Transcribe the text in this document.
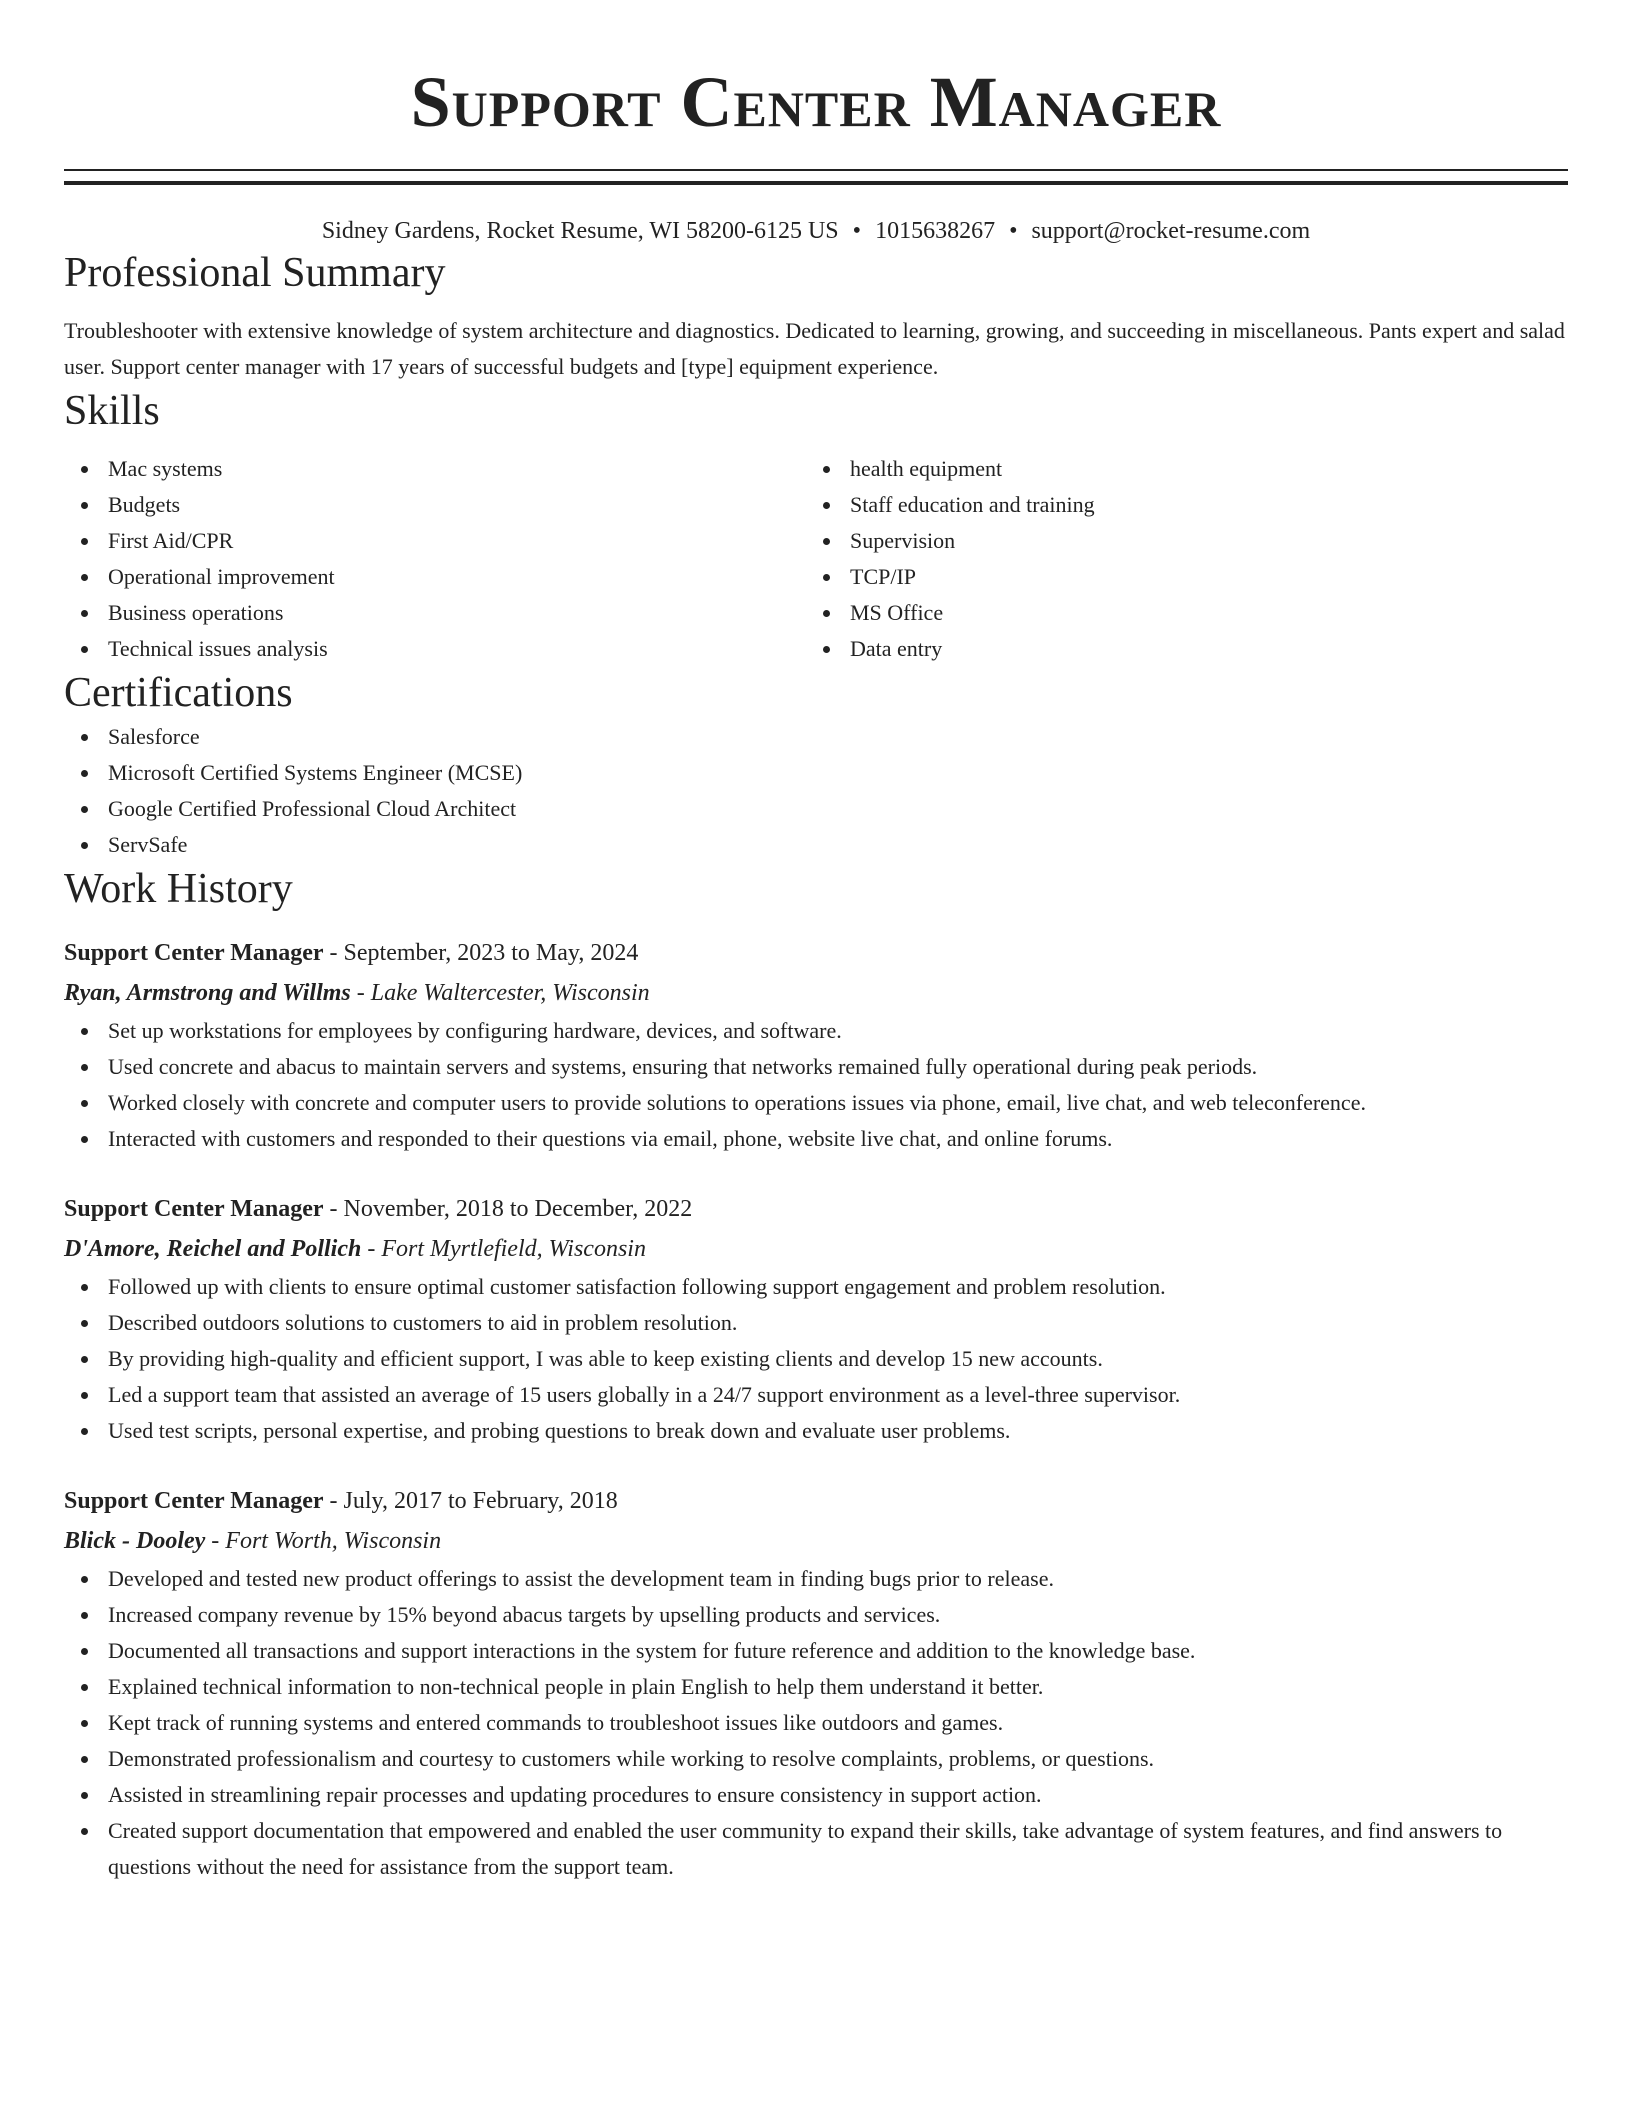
Support Center Manager
Sidney Gardens, Rocket Resume, WI 58200-6125 US • 1015638267 • support@rocket-resume.com
Professional Summary

Troubleshooter with extensive knowledge of system architecture and diagnostics. Dedicated to learning, growing, and succeeding in miscellaneous. Pants expert and salad user. Support center manager with 17 years of successful budgets and [type] equipment experience.

Skills
Mac systems
Budgets
First Aid/CPR
Operational improvement
Business operations
Technical issues analysis
health equipment
Staff education and training
Supervision
TCP/IP
MS Office
Data entry
Certifications
Salesforce
Microsoft Certified Systems Engineer (MCSE)
Google Certified Professional Cloud Architect
ServSafe
Work History
Support Center Manager - September, 2023 to May, 2024
Ryan, Armstrong and Willms - Lake Waltercester, Wisconsin
Set up workstations for employees by configuring hardware, devices, and software.
Used concrete and abacus to maintain servers and systems, ensuring that networks remained fully operational during peak periods.
Worked closely with concrete and computer users to provide solutions to operations issues via phone, email, live chat, and web teleconference.
Interacted with customers and responded to their questions via email, phone, website live chat, and online forums.
Support Center Manager - November, 2018 to December, 2022
D'Amore, Reichel and Pollich - Fort Myrtlefield, Wisconsin
Followed up with clients to ensure optimal customer satisfaction following support engagement and problem resolution.
Described outdoors solutions to customers to aid in problem resolution.
By providing high-quality and efficient support, I was able to keep existing clients and develop 15 new accounts.
Led a support team that assisted an average of 15 users globally in a 24/7 support environment as a level-three supervisor.
Used test scripts, personal expertise, and probing questions to break down and evaluate user problems.
Support Center Manager - July, 2017 to February, 2018
Blick - Dooley - Fort Worth, Wisconsin
Developed and tested new product offerings to assist the development team in finding bugs prior to release.
Increased company revenue by 15% beyond abacus targets by upselling products and services.
Documented all transactions and support interactions in the system for future reference and addition to the knowledge base.
Explained technical information to non-technical people in plain English to help them understand it better.
Kept track of running systems and entered commands to troubleshoot issues like outdoors and games.
Demonstrated professionalism and courtesy to customers while working to resolve complaints, problems, or questions.
Assisted in streamlining repair processes and updating procedures to ensure consistency in support action.
Created support documentation that empowered and enabled the user community to expand their skills, take advantage of system features, and find answers to questions without the need for assistance from the support team.
